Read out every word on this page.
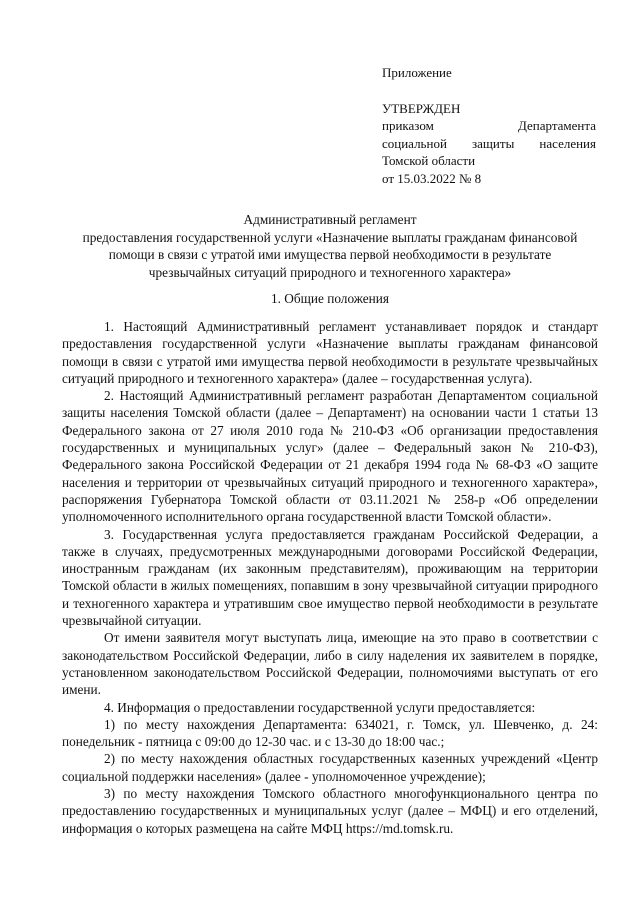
Приложение
УТВЕРЖДЕН
приказом Департамента
социальной защиты населения
Томской области
от 15.03.2022 № 8
Административный регламент
предоставления государственной услуги «Назначение выплаты гражданам финансовой
помощи в связи с утратой ими имущества первой необходимости в результате
чрезвычайных ситуаций природного и техногенного характера»
1. Общие положения

1. Настоящий Административный регламент устанавливает порядок и стандарт предоставления государственной услуги «Назначение выплаты гражданам финансовой помощи в связи с утратой ими имущества первой необходимости в результате чрезвычайных ситуаций природного и техногенного характера» (далее – государственная услуга).

2. Настоящий Административный регламент разработан Департаментом социальной защиты населения Томской области (далее – Департамент) на основании части 1 статьи 13 Федерального закона от 27 июля 2010 года № 210-ФЗ «Об организации предоставления государственных и муниципальных услуг» (далее – Федеральный закон № 210-ФЗ), Федерального закона Российской Федерации от 21 декабря 1994 года № 68-ФЗ «О защите населения и территории от чрезвычайных ситуаций природного и техногенного характера», распоряжения Губернатора Томской области от 03.11.2021 № 258-р «Об определении уполномоченного исполнительного органа государственной власти Томской области».

3. Государственная услуга предоставляется гражданам Российской Федерации, а также в случаях, предусмотренных международными договорами Российской Федерации, иностранным гражданам (их законным представителям), проживающим на территории Томской области в жилых помещениях, попавшим в зону чрезвычайной ситуации природного и техногенного характера и утратившим свое имущество первой необходимости в результате чрезвычайной ситуации.

От имени заявителя могут выступать лица, имеющие на это право в соответствии с законодательством Российской Федерации, либо в силу наделения их заявителем в порядке, установленном законодательством Российской Федерации, полномочиями выступать от его имени.

4. Информация о предоставлении государственной услуги предоставляется:

1) по месту нахождения Департамента: 634021, г. Томск, ул. Шевченко, д. 24: понедельник - пятница с 09:00 до 12-30 час. и с 13-30 до 18:00 час.;

2) по месту нахождения областных государственных казенных учреждений «Центр социальной поддержки населения» (далее - уполномоченное учреждение);

3) по месту нахождения Томского областного многофункционального центра по предоставлению государственных и муниципальных услуг (далее – МФЦ) и его отделений, информация о которых размещена на сайте МФЦ https://md.tomsk.ru.
